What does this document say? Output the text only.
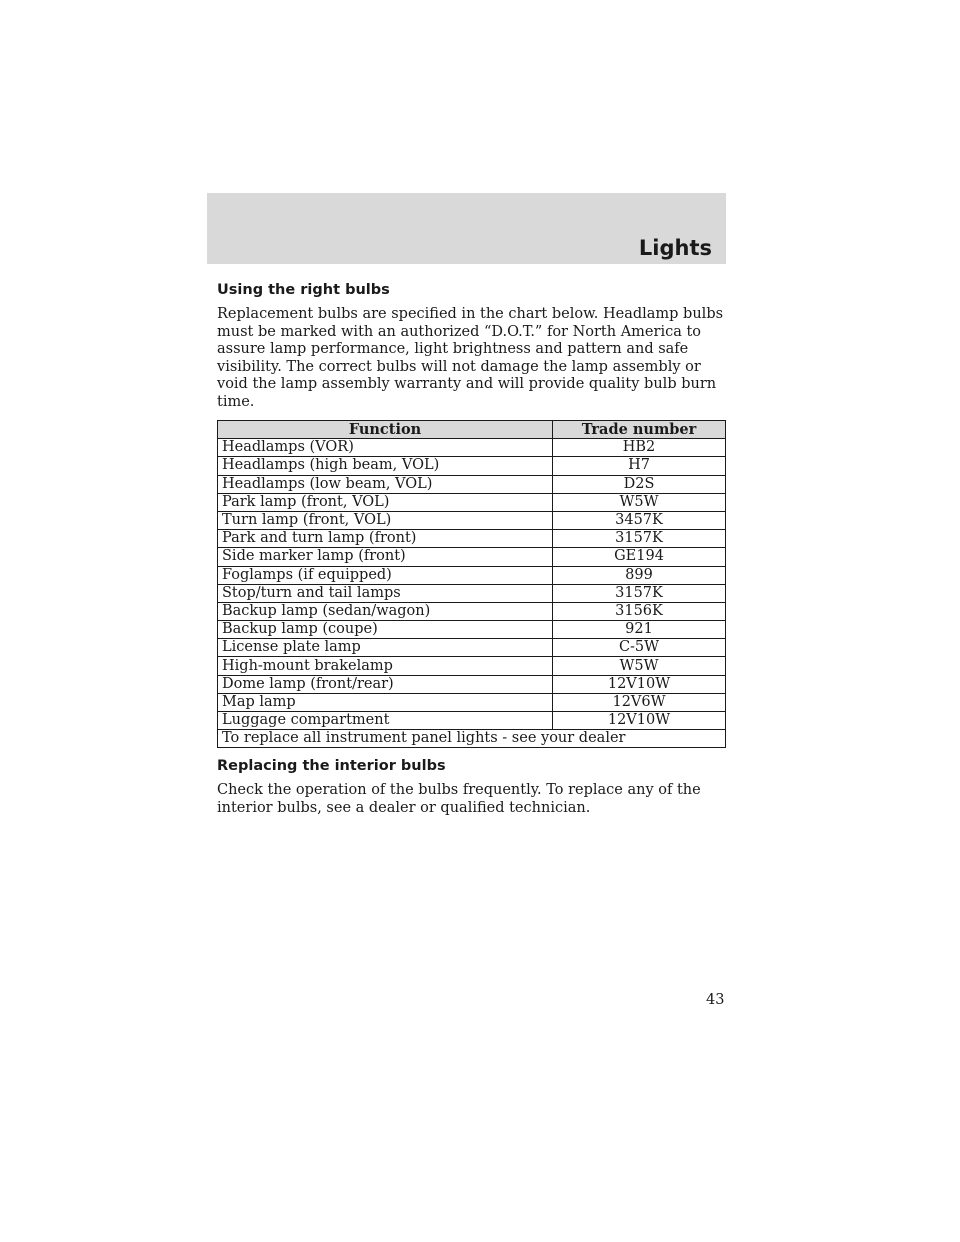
Lights
Using the right bulbs

Replacement bulbs are specified in the chart below. Headlamp bulbs must be marked with an authorized “D.O.T.” for North America to assure lamp performance, light brightness and pattern and safe visibility. The correct bulbs will not damage the lamp assembly or void the lamp assembly warranty and will provide quality bulb burn time.

Function	Trade number
Headlamps (VOR)	HB2
Headlamps (high beam, VOL)	H7
Headlamps (low beam, VOL)	D2S
Park lamp (front, VOL)	W5W
Turn lamp (front, VOL)	3457K
Park and turn lamp (front)	3157K
Side marker lamp (front)	GE194
Foglamps (if equipped)	899
Stop/turn and tail lamps	3157K
Backup lamp (sedan/wagon)	3156K
Backup lamp (coupe)	921
License plate lamp	C-5W
High-mount brakelamp	W5W
Dome lamp (front/rear)	12V10W
Map lamp	12V6W
Luggage compartment	12V10W
To replace all instrument panel lights - see your dealer	
Replacing the interior bulbs

Check the operation of the bulbs frequently. To replace any of the interior bulbs, see a dealer or qualified technician.

43
